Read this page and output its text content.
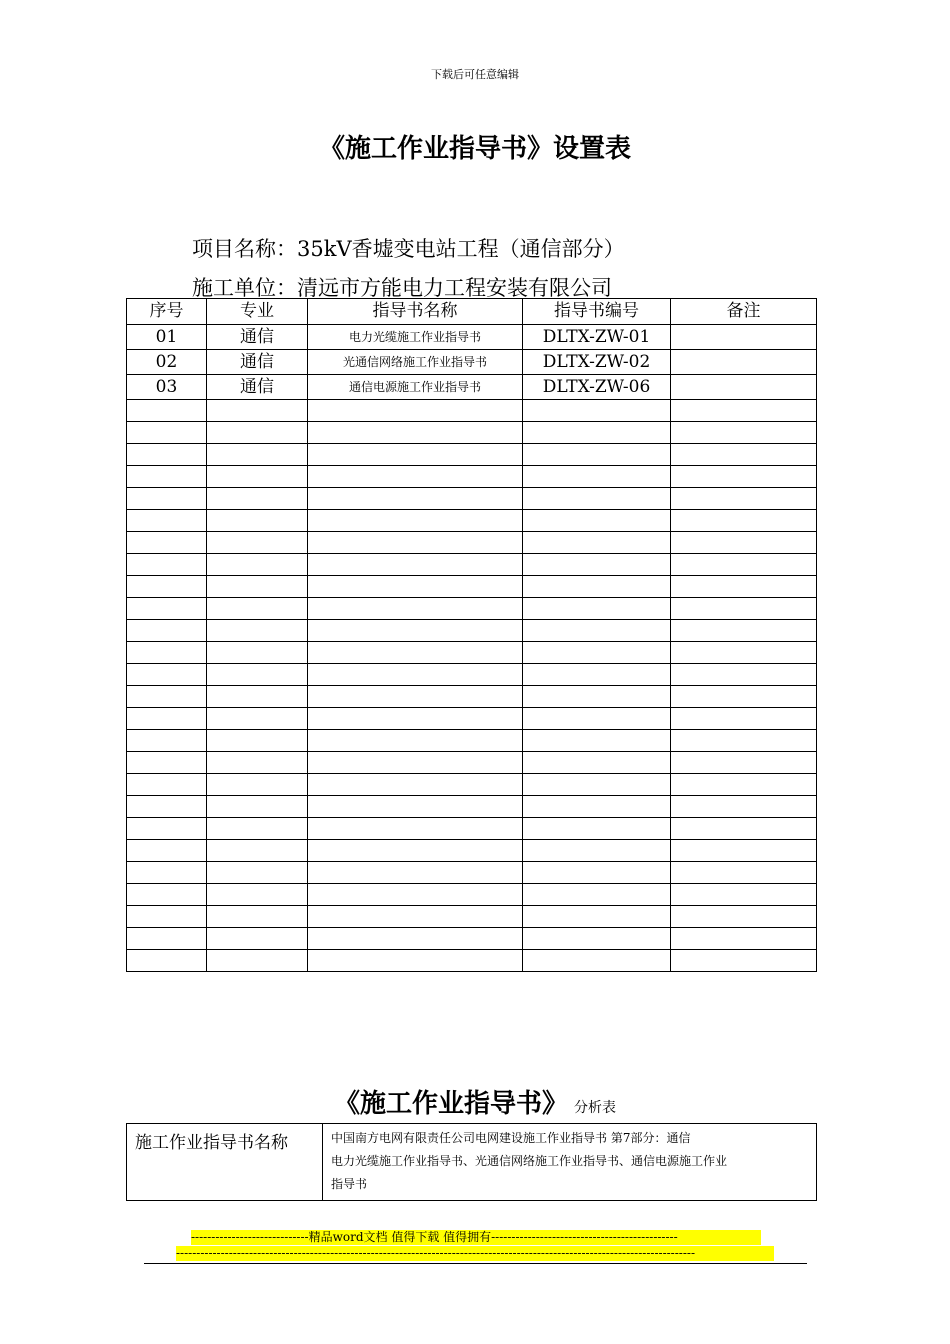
下载后可任意编辑
《施工作业指导书》设置表
项目名称：35kV香墟变电站工程（通信部分）
施工单位：清远市方能电力工程安装有限公司
序号	专业	指导书名称	指导书编号	备注
01	通信	电力光缆施工作业指导书	DLTX-ZW-01	
02	通信	光通信网络施工作业指导书	DLTX-ZW-02	
03	通信	通信电源施工作业指导书	DLTX-ZW-06	

《施工作业指导书》 分析表
施工作业指导书名称	中国南方电网有限责任公司电网建设施工作业指导书 第7部分：通信
电力光缆施工作业指导书、光通信网络施工作业指导书、通信电源施工作业
指导书
-----------------------------精品word文档 值得下载 值得拥有----------------------------------------------
--------------------------------------------------------------------------------------------------------------------------------
